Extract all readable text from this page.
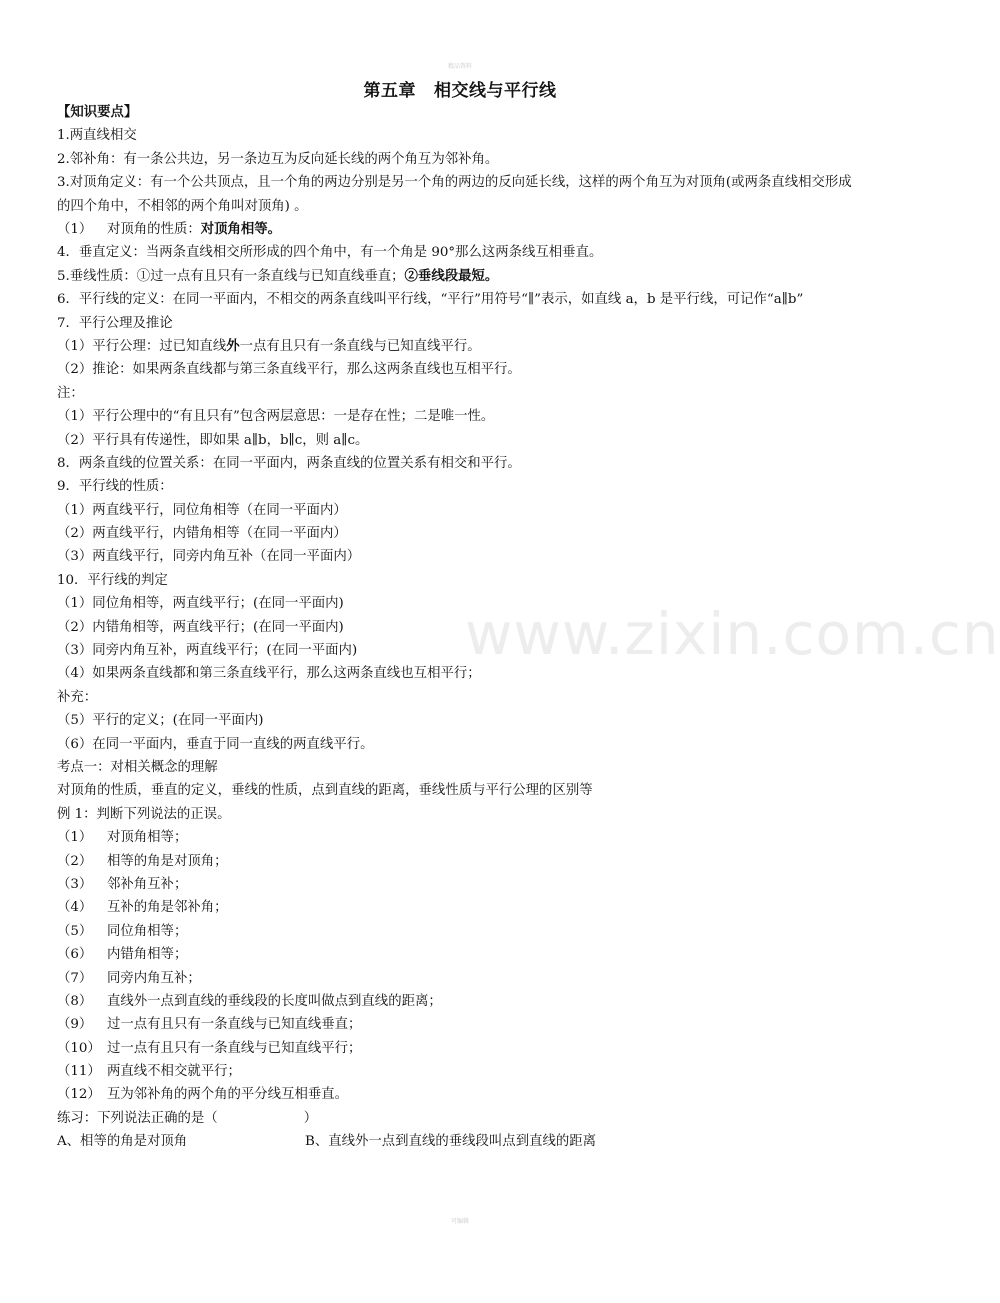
精品资料
www.zixin.com.cn
第五章 相交线与平行线
【知识要点】
1.两直线相交
2.邻补角：有一条公共边，另一条边互为反向延长线的两个角互为邻补角。
3.对顶角定义：有一个公共顶点，且一个角的两边分别是另一个角的两边的反向延长线，这样的两个角互为对顶角(或两条直线相交形成的四个角中，不相邻的两个角叫对顶角) 。
（1） 对顶角的性质：对顶角相等。
4．垂直定义：当两条直线相交所形成的四个角中，有一个角是 90°那么这两条线互相垂直。
5.垂线性质：①过一点有且只有一条直线与已知直线垂直；②垂线段最短。
6．平行线的定义：在同一平面内，不相交的两条直线叫平行线，“平行”用符号“∥”表示，如直线 a，b 是平行线，可记作“a∥b”
7．平行公理及推论
（1）平行公理：过已知直线外一点有且只有一条直线与已知直线平行。
（2）推论：如果两条直线都与第三条直线平行，那么这两条直线也互相平行。
注：
（1）平行公理中的“有且只有”包含两层意思：一是存在性；二是唯一性。
（2）平行具有传递性，即如果 a∥b，b∥c，则 a∥c。
8．两条直线的位置关系：在同一平面内，两条直线的位置关系有相交和平行。
9．平行线的性质：
（1）两直线平行，同位角相等（在同一平面内）
（2）两直线平行，内错角相等（在同一平面内）
（3）两直线平行，同旁内角互补（在同一平面内）
10．平行线的判定
（1）同位角相等，两直线平行；(在同一平面内)
（2）内错角相等，两直线平行；(在同一平面内)
（3）同旁内角互补，两直线平行；(在同一平面内)
（4）如果两条直线都和第三条直线平行，那么这两条直线也互相平行；
补充：
（5）平行的定义；(在同一平面内)
（6）在同一平面内，垂直于同一直线的两直线平行。
考点一：对相关概念的理解
对顶角的性质，垂直的定义，垂线的性质，点到直线的距离，垂线性质与平行公理的区别等
例 1：判断下列说法的正误。
（1） 对顶角相等；
（2） 相等的角是对顶角；
（3） 邻补角互补；
（4） 互补的角是邻补角；
（5） 同位角相等；
（6） 内错角相等；
（7） 同旁内角互补；
（8） 直线外一点到直线的垂线段的长度叫做点到直线的距离；
（9） 过一点有且只有一条直线与已知直线垂直；
（10） 过一点有且只有一条直线与已知直线平行；
（11） 两直线不相交就平行；
（12） 互为邻补角的两个角的平分线互相垂直。
练习：下列说法正确的是（	）
A、相等的角是对顶角	B、直线外一点到直线的垂线段叫点到直线的距离
可编辑
